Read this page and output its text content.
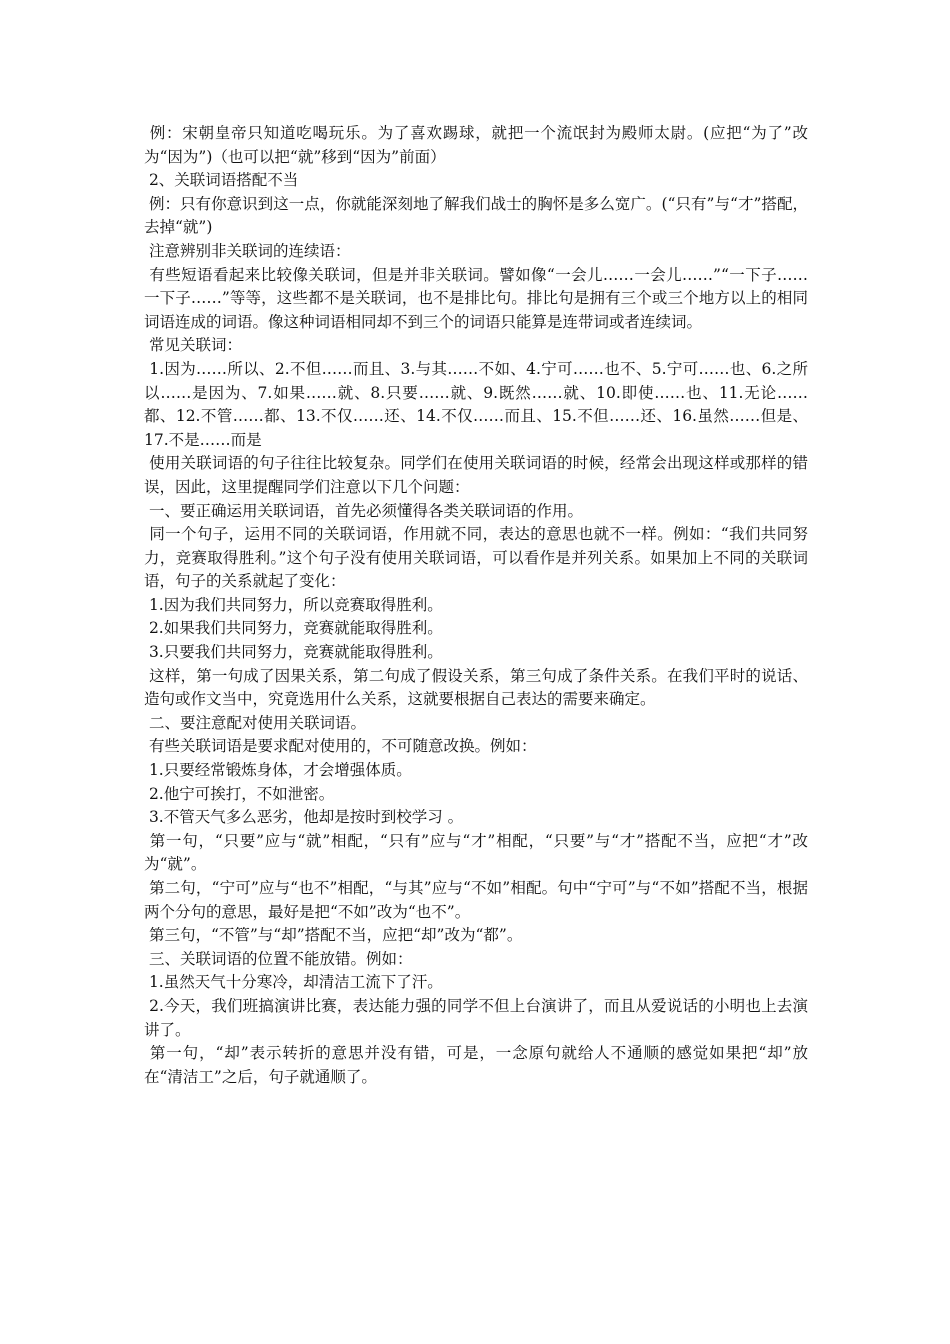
例：宋朝皇帝只知道吃喝玩乐。为了喜欢踢球，就把一个流氓封为殿师太尉。(应把“为了”改为“因为”)（也可以把“就”移到“因为”前面）

2、关联词语搭配不当

例：只有你意识到这一点，你就能深刻地了解我们战士的胸怀是多么宽广。(“只有”与“才”搭配，去掉“就”)

注意辨别非关联词的连续语：

有些短语看起来比较像关联词，但是并非关联词。譬如像“一会儿……一会儿……”“一下子……一下子……”等等，这些都不是关联词，也不是排比句。排比句是拥有三个或三个地方以上的相同词语连成的词语。像这种词语相同却不到三个的词语只能算是连带词或者连续词。

常见关联词：

1.因为……所以、2.不但……而且、3.与其……不如、4.宁可……也不、5.宁可……也、6.之所以……是因为、7.如果……就、8.只要……就、9.既然……就、10.即使……也、11.无论……都、12.不管……都、13.不仅……还、14.不仅……而且、15.不但……还、16.虽然……但是、17.不是……而是

使用关联词语的句子往往比较复杂。同学们在使用关联词语的时候，经常会出现这样或那样的错误，因此，这里提醒同学们注意以下几个问题：

一、要正确运用关联词语，首先必须懂得各类关联词语的作用。

同一个句子，运用不同的关联词语，作用就不同，表达的意思也就不一样。例如：“我们共同努力，竞赛取得胜利。”这个句子没有使用关联词语，可以看作是并列关系。如果加上不同的关联词语，句子的关系就起了变化：

1.因为我们共同努力，所以竞赛取得胜利。

2.如果我们共同努力，竞赛就能取得胜利。

3.只要我们共同努力，竞赛就能取得胜利。

这样，第一句成了因果关系，第二句成了假设关系，第三句成了条件关系。在我们平时的说话、造句或作文当中，究竟选用什么关系，这就要根据自己表达的需要来确定。

二、要注意配对使用关联词语。

有些关联词语是要求配对使用的，不可随意改换。例如：

1.只要经常锻炼身体，才会增强体质。

2.他宁可挨打，不如泄密。

3.不管天气多么恶劣，他却是按时到校学习 。

第一句，“只要”应与“就”相配，“只有”应与“才”相配，“只要”与“才”搭配不当，应把“才”改为“就”。

第二句，“宁可”应与“也不”相配，“与其”应与“不如”相配。句中“宁可”与“不如”搭配不当，根据两个分句的意思，最好是把“不如”改为“也不”。

第三句，“不管”与“却”搭配不当，应把“却”改为“都”。

三、关联词语的位置不能放错。例如：

1.虽然天气十分寒冷，却清洁工流下了汗。

2.今天，我们班搞演讲比赛，表达能力强的同学不但上台演讲了，而且从爱说话的小明也上去演讲了。

第一句，“却”表示转折的意思并没有错，可是，一念原句就给人不通顺的感觉如果把“却”放在“清洁工”之后，句子就通顺了。
